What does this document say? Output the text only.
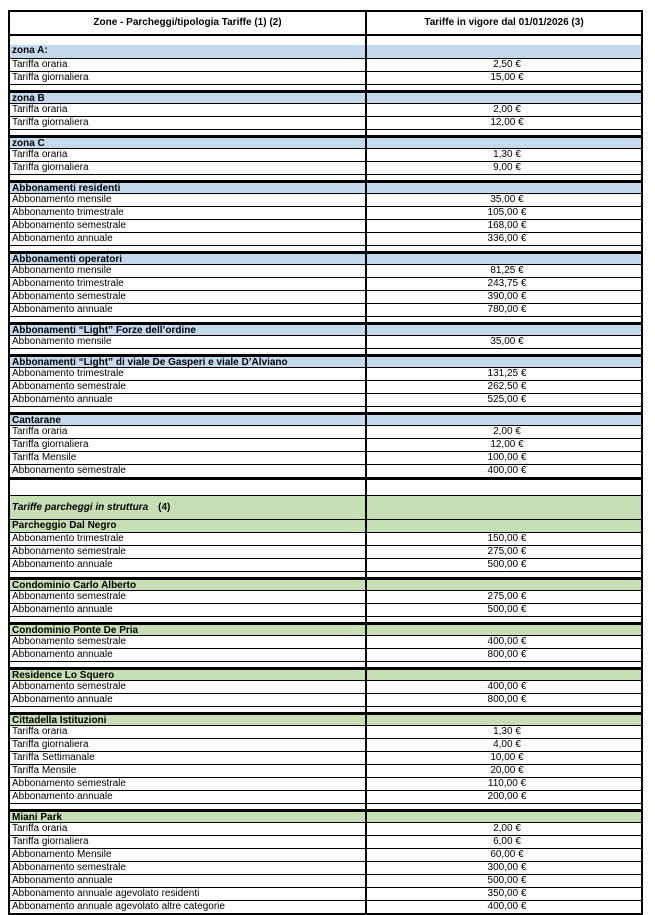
Zone - Parcheggi/tipologia Tariffe (1) (2)	Tariffe in vigore dal 01/01/2026 (3)
zona A:
Tariffa oraria	2,50 €
Tariffa giornaliera	15,00 €
zona B
Tariffa oraria	2,00 €
Tariffa giornaliera	12,00 €
zona C
Tariffa oraria	1,30 €
Tariffa giornaliera	9,00 €
Abbonamenti residenti
Abbonamento mensile	35,00 €
Abbonamento trimestrale	105,00 €
Abbonamento semestrale	168,00 €
Abbonamento annuale	336,00 €
Abbonamenti operatori
Abbonamento mensile	81,25 €
Abbonamento trimestrale	243,75 €
Abbonamento semestrale	390,00 €
Abbonamento annuale	780,00 €
Abbonamenti “Light” Forze dell’ordine
Abbonamento mensile	35,00 €
Abbonamenti “Light” di viale De Gasperi e viale D’Alviano
Abbonamento trimestrale	131,25 €
Abbonamento semestrale	262,50 €
Abbonamento annuale	525,00 €
Cantarane
Tariffa oraria	2,00 €
Tariffa giornaliera	12,00 €
Tariffa Mensile	100,00 €
Abbonamento semestrale	400,00 €
Tariffe parcheggi in struttura (4)
Parcheggio Dal Negro
Abbonamento trimestrale	150,00 €
Abbonamento semestrale	275,00 €
Abbonamento annuale	500,00 €
Condominio Carlo Alberto
Abbonamento semestrale	275,00 €
Abbonamento annuale	500,00 €
Condominio Ponte De Pria
Abbonamento semestrale	400,00 €
Abbonamento annuale	800,00 €
Residence Lo Squero
Abbonamento semestrale	400,00 €
Abbonamento annuale	800,00 €
Cittadella Istituzioni
Tariffa oraria	1,30 €
Tariffa giornaliera	4,00 €
Tariffa Settimanale	10,00 €
Tariffa Mensile	20,00 €
Abbonamento semestrale	110,00 €
Abbonamento annuale	200,00 €
Miani Park
Tariffa oraria	2,00 €
Tariffa giornaliera	6,00 €
Abbonamento Mensile	60,00 €
Abbonamento semestrale	300,00 €
Abbonamento annuale	500,00 €
Abbonamento annuale agevolato residenti	350,00 €
Abbonamento annuale agevolato altre categorie	400,00 €
